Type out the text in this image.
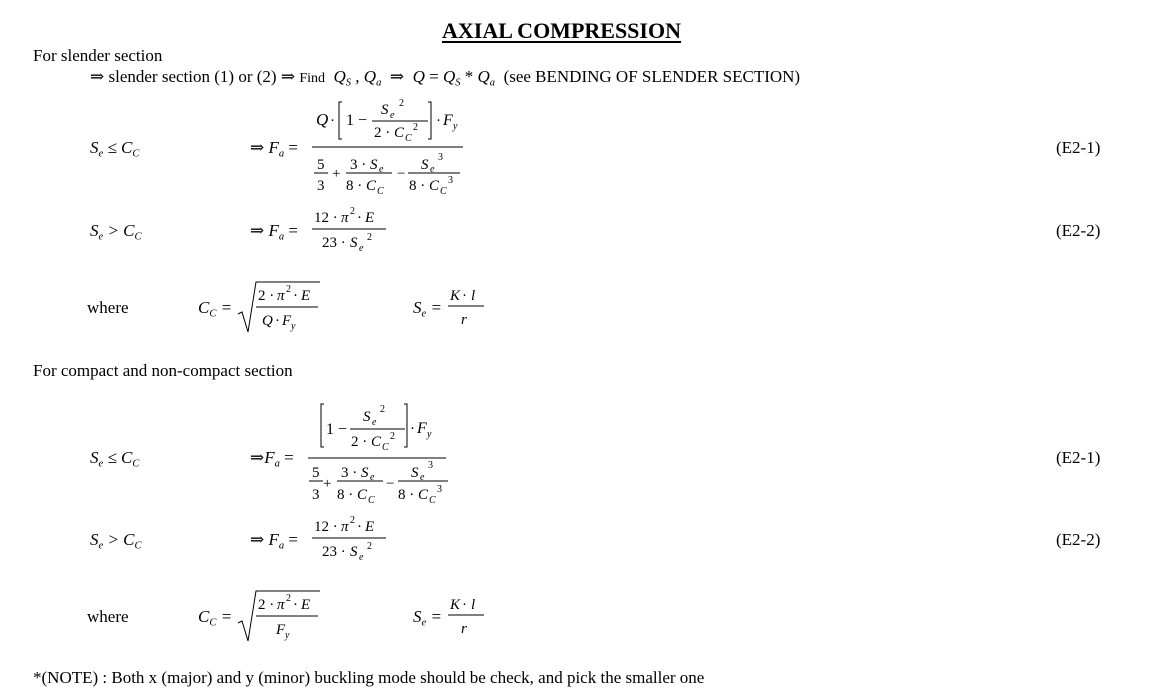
AXIAL COMPRESSION
For slender section
⇒ slender section (1) or (2) ⇒ Find $Q_S$ , $Q_a$ ⇒ $Q = Q_S * Q_a$ (see BENDING OF SLENDER SECTION)
$S_e \le C_C$	⇒ $F_a$ =
Q · 1 −
S e
2
2 · C C
2 · F y
5
3
+
3 · S e
8 · C C
−
S e
3
8 · C C
3
(E2-1)
$S_e > C_C$	⇒ $F_a$ =
12 · π 2 · E
23 · S e
2	(E2-2)
where	$C_C$ =
2 · π 2 · E
Q · F y
$S_e$ =
K · l
r
For compact and non-compact section
$S_e \le C_C$	$\Rightarrow F_a$ =
1 −
S e
2
2 · C C
2 · F y
5
3
+
3 · S e
8 · C C
−
S e
3
8 · C C
3
(E2-1)
$S_e > C_C$	⇒ $F_a$ =
12 · π 2 · E
23 · S e
2	(E2-2)
where	$C_C$ =
2 · π 2 · E
F y
$S_e$ =
K · l
r
*(NOTE) : Both x (major) and y (minor) buckling mode should be check, and pick the smaller one
